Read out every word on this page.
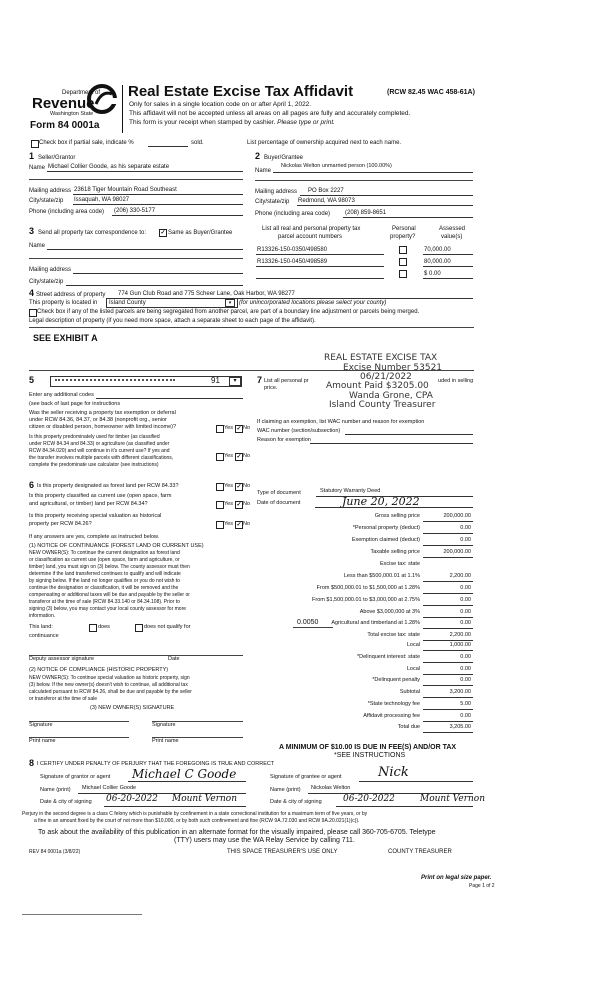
Department of
Revenue
Washington State
Form 84 0001a
Real Estate Excise Tax Affidavit	(RCW 82.45 WAC 458-61A)
Only for sales in a single location code on or after April 1, 2022.
This affidavit will not be accepted unless all areas on all pages are fully and accurately completed.
This form is your receipt when stamped by cashier. Please type or print.
Check box if partial sale, indicate %	sold.	List percentage of ownership acquired next to each name.
1 Seller/Grantor
Name Michael Collier Goode, as his separate estate
Mailing address 23618 Tiger Mountain Road Southeast
City/state/zip Issaquah, WA 98027
Phone (including area code) (206) 330-5177
2 Buyer/Grantee
Name
Nickolas Welton unmarried person (100.00%)
Mailing address PO Box 2227
City/state/zip Redmond, WA 98073
Phone (including area code) (208) 859-8651
3 Send all property tax correspondence to: ✓ Same as Buyer/Grantee
Name
Mailing address
City/state/zip
List all real and personal property tax
parcel account numbers
Personal
property?
Assessed
value(s)
R13326-150-0350/498580	70,000.00
R13326-150-0450/498589	80,000.00
$ 0.00
4 Street address of property 774 Gun Club Road and 775 Scheer Lane, Oak Harbor, WA 98277
This property is located in	Island County	▾	(for unincorporated locations please select your county)
Check box if any of the listed parcels are being segregated from another parcel, are part of a boundary line adjustment or parcels being merged.
Legal description of property (if you need more space, attach a separate sheet to each page of the affidavit).
SEE EXHIBIT A
REAL ESTATE EXCISE TAX
Excise Number 53521
06/21/2022
Amount Paid $3205.00
Wanda Grone, CPA
Island County Treasurer
5	91	▾
Enter any additional codes
(see back of last page for instructions
Was the seller receiving a property tax exemption or deferral
under RCW 84.36, 84.37, or 84.38 (nonprofit org., senior
citizen or disabled person, homeowner with limited income)?	Yes ✓ No
Is this property predominately used for timber (as classified
under RCW 84.34 and 84.33) or agriculture (as classified under
RCW 84.34.020) and will continue in it's current use? If yes and
Yes ✓ No
the transfer involves multiple parcels with different classifications,
complete the predominate use calculator (see instructions)
7 List all personal pr
price.
uded in selling
If claiming an exemption, list WAC number and reason for exemption
WAC number (section/subsection)
Reason for exemption
6 Is this property designated as forest land per RCW 84.33?	Yes ✓ No
Is this property classified as current use (open space, farm
and agricultural, or timber) land per RCW 84.34?	Yes ✓ No
Is this property receiving special valuation as historical
property per RCW 84.26?	Yes ✓ No
If any answers are yes, complete as instructed below.
(1) NOTICE OF CONTINUANCE (FOREST LAND OR CURRENT USE)
NEW OWNER(S): To continue the current designation as forest land
or classification as current use (open space, farm and agriculture, or
timber) land, you must sign on (3) below. The county assessor must then
determine if the land transferred continues to qualify and will indicate
by signing below. If the land no longer qualifies or you do not wish to
continue the designation or classification, it will be removed and the
compensating or additional taxes will be due and payable by the seller or
transferor at the time of sale (RCW 84.33.140 or 84.34.108). Prior to
signing (3) below, you may contact your local county assessor for more
information.
This land:
continuance
does	does not qualify for
Deputy assessor signature	Date
(2) NOTICE OF COMPLIANCE (HISTORIC PROPERTY)
NEW OWNER(S): To continue special valuation as historic property, sign
(3) below. If the new owner(s) doesn't wish to continue, all additional tax
calculated pursuant to RCW 84.26, shall be due and payable by the seller
or transferor at the time of sale
(3) NEW OWNER(S) SIGNATURE
Signature	Signature
Print name	Print name
Type of document	Statutory Warranty Deed
Date of document	June 20, 2022
Gross selling price	200,000.00
*Personal property (deduct)	0.00
Exemption claimed (deduct)	0.00
Taxable selling price	200,000.00
Excise tax: state
Less than $500,000.01 at 1.1%	2,200.00
From $500,000.01 to $1,500,000 at 1.28%	0.00
From $1,500,000.01 to $3,000,000 at 2.75%	0.00
Above $3,000,000 at 3%	0.00
Agricultural and timberland at 1.28%	0.00
Total excise tax: state	2,200.00
Local	1,000.00
*Delinquent interest: state	0.00
Local	0.00
*Delinquent penalty	0.00
Subtotal	3,200.00
*State technology fee	5.00
Affidavit processing fee	0.00
Total due	3,205.00
0.0050
A MINIMUM OF $10.00 IS DUE IN FEE(S) AND/OR TAX
*SEE INSTRUCTIONS
8 I CERTIFY UNDER PENALTY OF PERJURY THAT THE FOREGOING IS TRUE AND CORRECT
Signature of grantor or agent Michael C Goode
Name (print) Michael Collier Goode
Date & city of signing 06-20-2022 Mount Vernon
Signature of grantee or agent	Nick
Name (print) Nickolas Welton
Date & city of signing 06-20-2022	Mount Vernon
Perjury in the second degree is a class C felony which is punishable by confinement in a state correctional institution for a maximum term of five years, or by
a fine in an amount fixed by the court of not more than $10,000, or by both such confinement and fine (RCW 9A.72.030 and RCW 9A.20.021(1)(c)).
To ask about the availability of this publication in an alternate format for the visually impaired, please call 360-705-6705. Teletype
(TTY) users may use the WA Relay Service by calling 711.
REV 84 0001a (3/8/22)	THIS SPACE TREASURER'S USE ONLY	COUNTY TREASURER
Print on legal size paper.
Page 1 of 2
